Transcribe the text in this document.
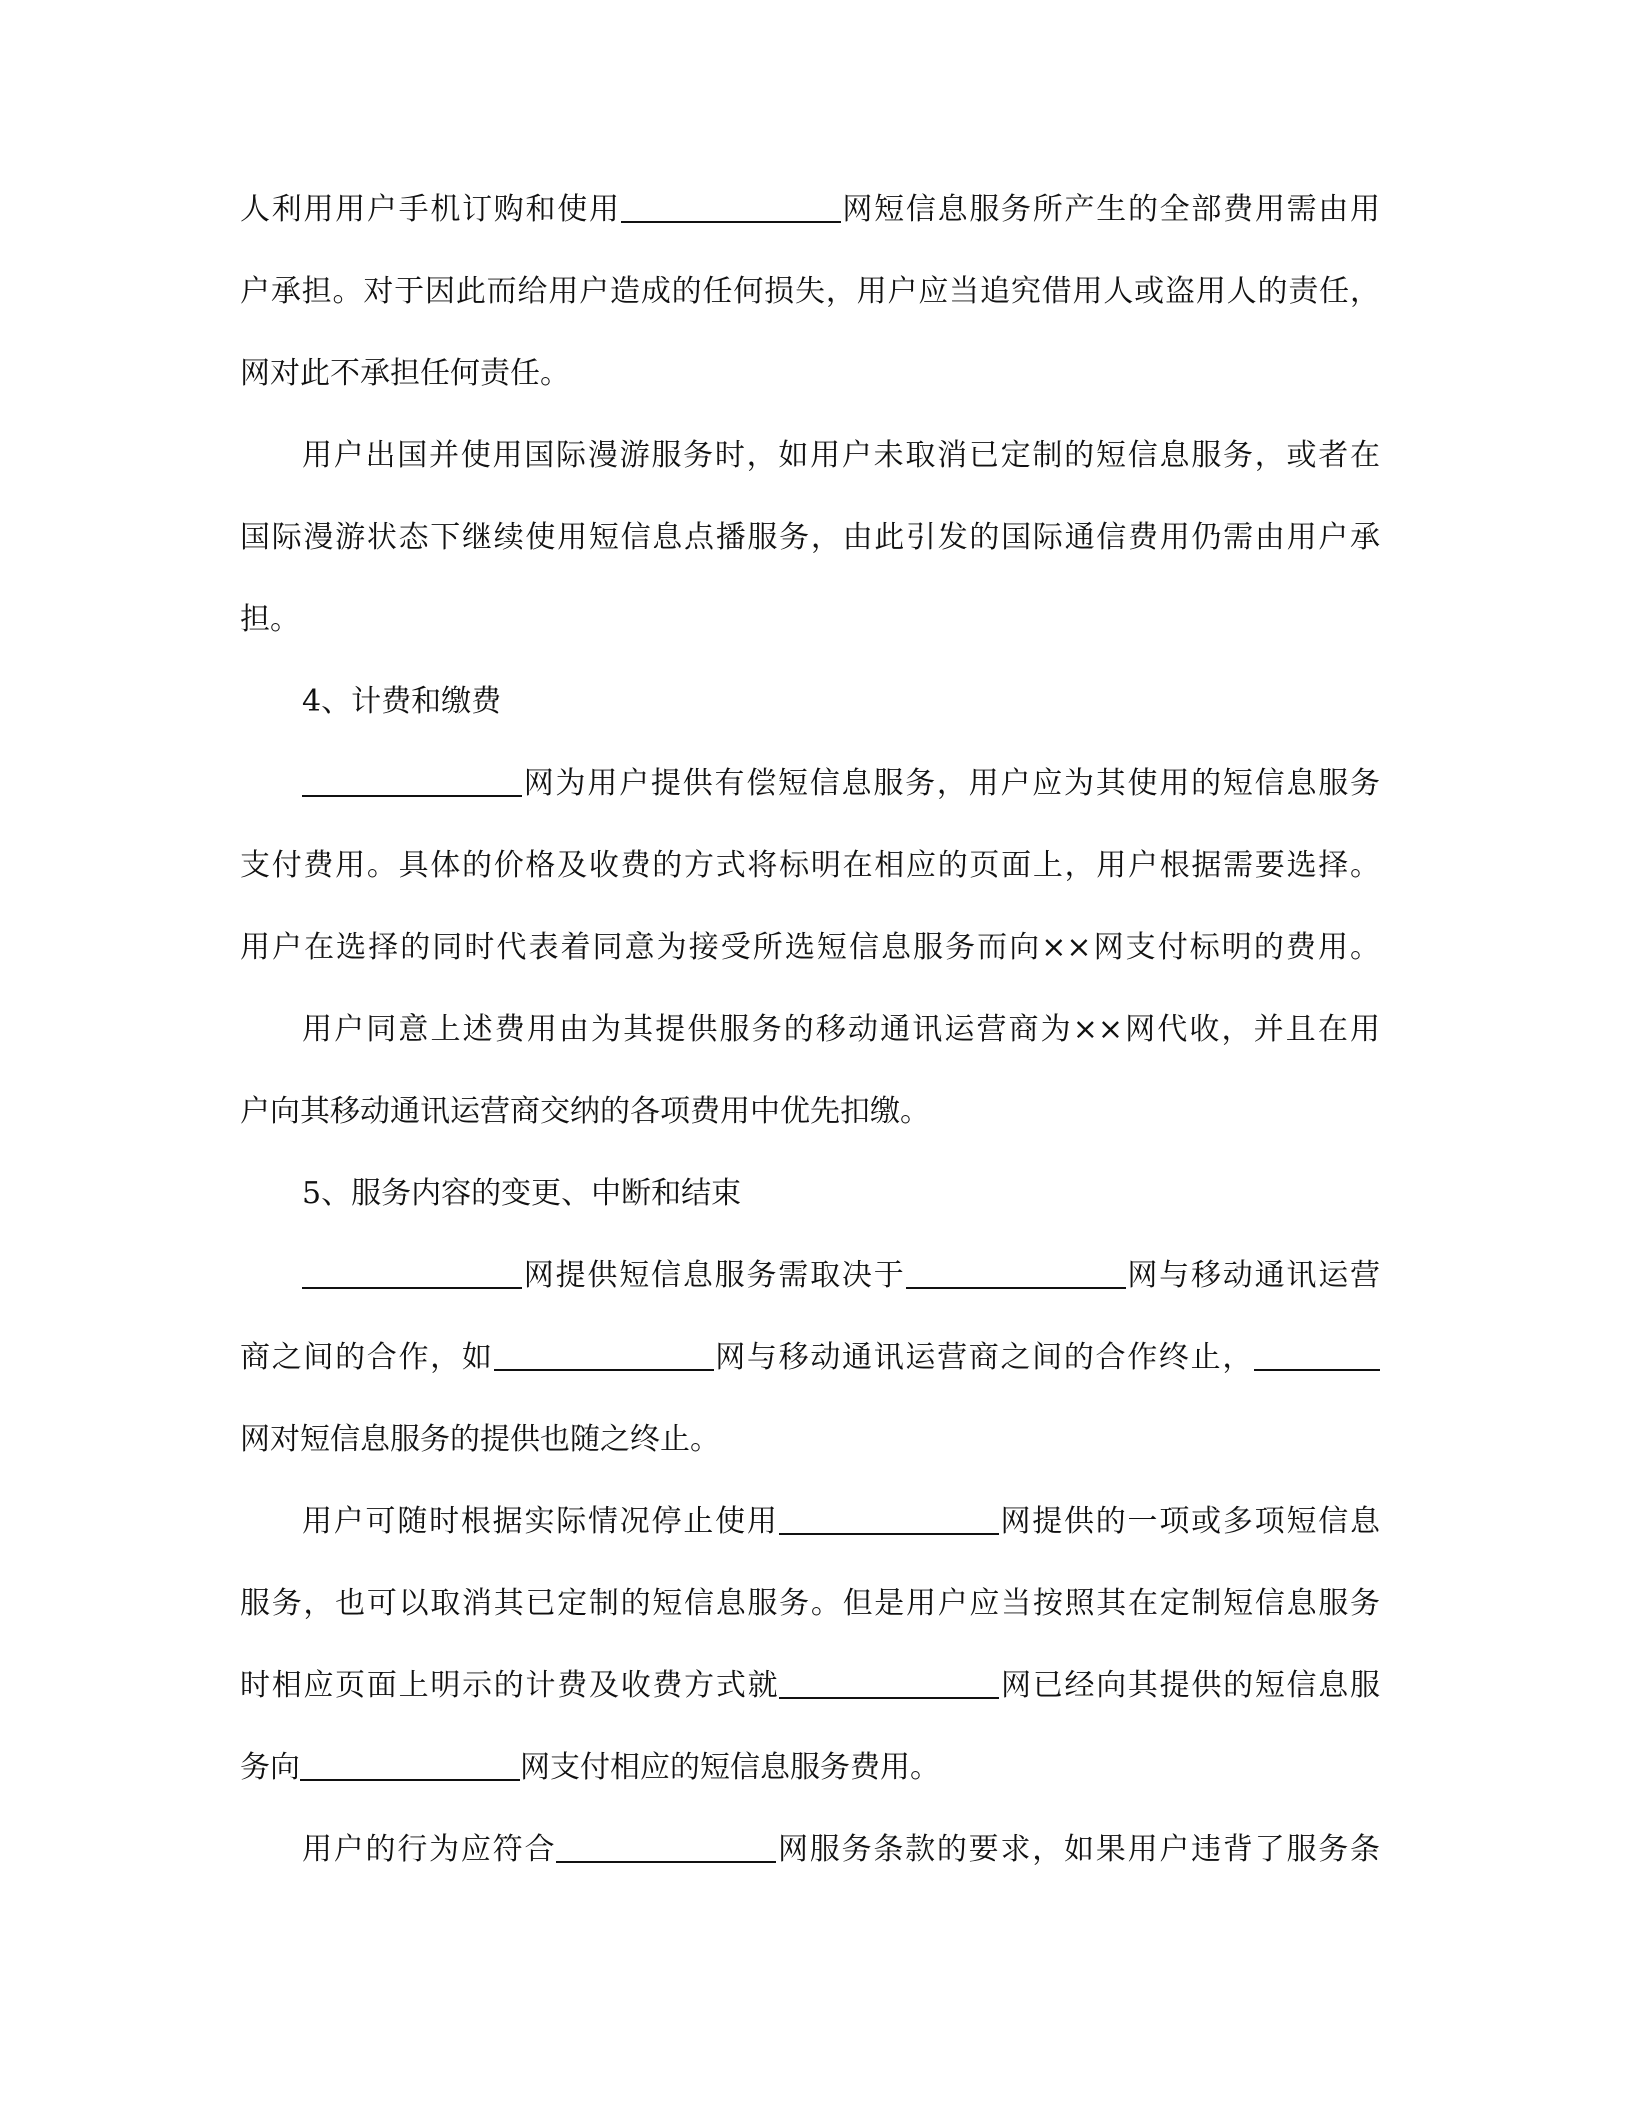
人利用用户手机订购和使用	网短信息服务所产生的全部费用需由用
户承担。对于因此而给用户造成的任何损失，用户应当追究借用人或盗用人的责任，
网对此不承担任何责任。
用户出国并使用国际漫游服务时，如用户未取消已定制的短信息服务，或者在
国际漫游状态下继续使用短信息点播服务，由此引发的国际通信费用仍需由用户承
担。
4、计费和缴费
网为用户提供有偿短信息服务，用户应为其使用的短信息服务
支付费用。具体的价格及收费的方式将标明在相应的页面上，用户根据需要选择。
用户在选择的同时代表着同意为接受所选短信息服务而向××网支付标明的费用。
用户同意上述费用由为其提供服务的移动通讯运营商为××网代收，并且在用
户向其移动通讯运营商交纳的各项费用中优先扣缴。
5、服务内容的变更、中断和结束
网提供短信息服务需取决于	网与移动通讯运营
商之间的合作，如	网与移动通讯运营商之间的合作终止，
网对短信息服务的提供也随之终止。
用户可随时根据实际情况停止使用	网提供的一项或多项短信息
服务，也可以取消其已定制的短信息服务。但是用户应当按照其在定制短信息服务
时相应页面上明示的计费及收费方式就	网已经向其提供的短信息服
务向	网支付相应的短信息服务费用。
用户的行为应符合	网服务条款的要求，如果用户违背了服务条
